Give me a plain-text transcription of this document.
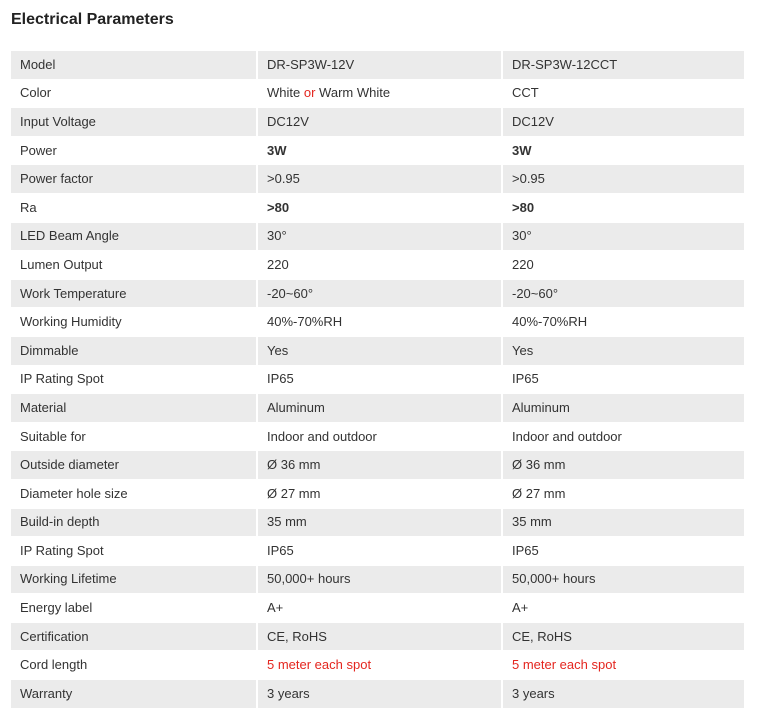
Electrical Parameters
Model	DR-SP3W-12V	DR-SP3W-12CCT
Color	White or Warm White	CCT
Input Voltage	DC12V	DC12V
Power	3W	3W
Power factor	>0.95	>0.95
Ra	>80	>80
LED Beam Angle	30°	30°
Lumen Output	220	220
Work Temperature	-20~60°	-20~60°
Working Humidity	40%-70%RH	40%-70%RH
Dimmable	Yes	Yes
IP Rating Spot	IP65	IP65
Material	Aluminum	Aluminum
Suitable for	Indoor and outdoor	Indoor and outdoor
Outside diameter	Ø 36 mm	Ø 36 mm
Diameter hole size	Ø 27 mm	Ø 27 mm
Build-in depth	35 mm	35 mm
IP Rating Spot	IP65	IP65
Working Lifetime	50,000+ hours	50,000+ hours
Energy label	A+	A+
Certification	CE, RoHS	CE, RoHS
Cord length	5 meter each spot	5 meter each spot
Warranty	3 years	3 years
